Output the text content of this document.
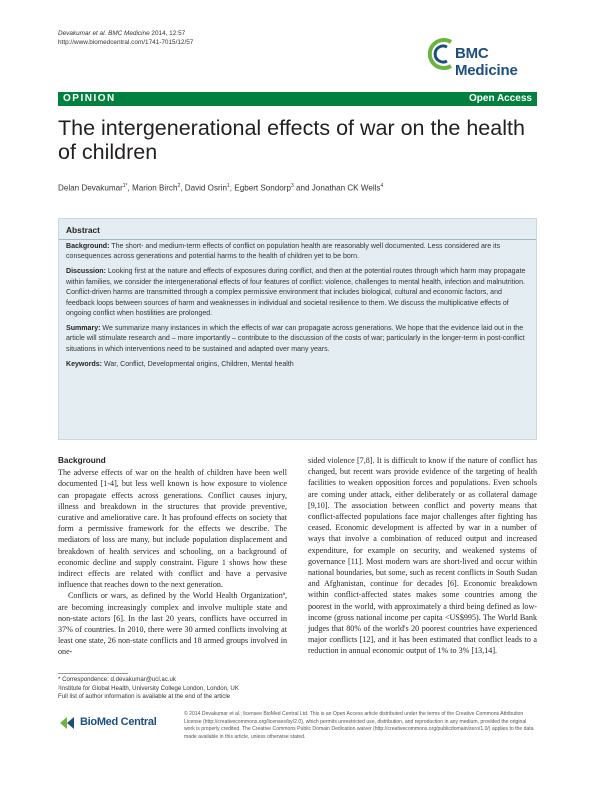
Devakumar et al. BMC Medicine 2014, 12:57
http://www.biomedcentral.com/1741-7015/12/57
BMC Medicine
OPINION	Open Access
The intergenerational effects of war on the health of children
Delan Devakumar$^{1*}$, Marion Birch$^2$, David Osrin$^1$, Egbert Sondorp$^3$ and Jonathan CK Wells$^4$
Abstract

Background: The short- and medium-term effects of conflict on population health are reasonably well documented. Less considered are its consequences across generations and potential harms to the health of children yet to be born.

Discussion: Looking first at the nature and effects of exposures during conflict, and then at the potential routes through which harm may propagate within families, we consider the intergenerational effects of four features of conflict: violence, challenges to mental health, infection and malnutrition. Conflict-driven harms are transmitted through a complex permissive environment that includes biological, cultural and economic factors, and feedback loops between sources of harm and weaknesses in individual and societal resilience to them. We discuss the multiplicative effects of ongoing conflict when hostilities are prolonged.

Summary: We summarize many instances in which the effects of war can propagate across generations. We hope that the evidence laid out in the article will stimulate research and – more importantly – contribute to the discussion of the costs of war; particularly in the longer-term in post-conflict situations in which interventions need to be sustained and adapted over many years.

Keywords: War, Conflict, Developmental origins, Children, Mental health

Background

The adverse effects of war on the health of children have been well documented [1-4], but less well known is how exposure to violence can propagate effects across generations. Conflict causes injury, illness and breakdown in the structures that provide preventive, curative and ameliorative care. It has profound effects on society that form a permissive framework for the effects we describe. The mediators of loss are many, but include population displacement and breakdown of health services and schooling, on a background of economic decline and supply constraint. Figure 1 shows how these indirect effects are related with conflict and have a pervasive influence that reaches down to the next generation.

Conflicts or wars, as defined by the World Health Organizationª, are becoming increasingly complex and involve multiple state and non-state actors [6]. In the last 20 years, conflicts have occurred in 37% of countries. In 2010, there were 30 armed conflicts involving at least one state, 26 non-state conflicts and 18 armed groups involved in one-

sided violence [7,8]. It is difficult to know if the nature of conflict has changed, but recent wars provide evidence of the targeting of health facilities to weaken opposition forces and populations. Even schools are coming under attack, either deliberately or as collateral damage [9,10]. The association between conflict and poverty means that conflict-affected populations face major challenges after fighting has ceased. Economic development is affected by war in a number of ways that involve a combination of reduced output and increased expenditure, for example on security, and weakened systems of governance [11]. Most modern wars are short-lived and occur within national boundaries, but some, such as recent conflicts in South Sudan and Afghanistan, continue for decades [6]. Economic breakdown within conflict-affected states makes some countries among the poorest in the world, with approximately a third being defined as low-income (gross national income per capita <US$995). The World Bank judges that 80% of the world's 20 poorest countries have experienced major conflicts [12], and it has been estimated that conflict leads to a reduction in annual economic output of 1% to 3% [13,14].

* Correspondence: d.devakumar@ucl.ac.uk
¹Institute for Global Health, University College London, London, UK
Full list of author information is available at the end of the article
BioMed Central
© 2014 Devakumar et al.; licensee BioMed Central Ltd. This is an Open Access article distributed under the terms of the Creative Commons Attribution License (http://creativecommons.org/licenses/by/2.0), which permits unrestricted use, distribution, and reproduction in any medium, provided the original work is properly credited. The Creative Commons Public Domain Dedication waiver (http://creativecommons.org/publicdomain/zero/1.0/) applies to the data made available in this article, unless otherwise stated.
